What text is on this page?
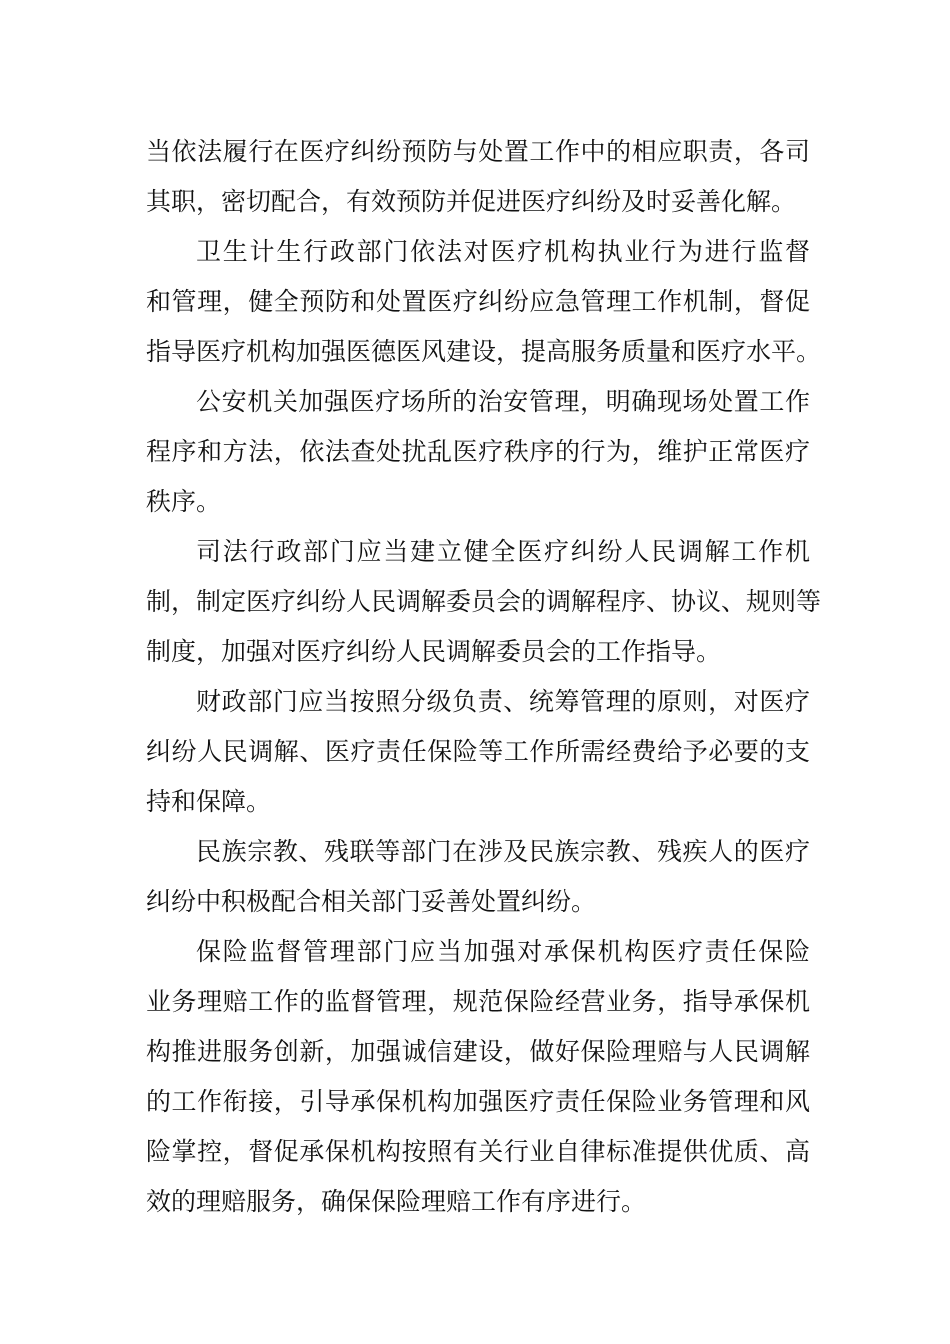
当依法履行在医疗纠纷预防与处置工作中的相应职责，各司
其职，密切配合，有效预防并促进医疗纠纷及时妥善化解。
卫生计生行政部门依法对医疗机构执业行为进行监督
和管理，健全预防和处置医疗纠纷应急管理工作机制，督促
指导医疗机构加强医德医风建设，提高服务质量和医疗水平。
公安机关加强医疗场所的治安管理，明确现场处置工作
程序和方法，依法查处扰乱医疗秩序的行为，维护正常医疗
秩序。
司法行政部门应当建立健全医疗纠纷人民调解工作机
制，制定医疗纠纷人民调解委员会的调解程序、协议、规则等
制度，加强对医疗纠纷人民调解委员会的工作指导。
财政部门应当按照分级负责、统筹管理的原则，对医疗
纠纷人民调解、医疗责任保险等工作所需经费给予必要的支
持和保障。
民族宗教、残联等部门在涉及民族宗教、残疾人的医疗
纠纷中积极配合相关部门妥善处置纠纷。
保险监督管理部门应当加强对承保机构医疗责任保险
业务理赔工作的监督管理，规范保险经营业务，指导承保机
构推进服务创新，加强诚信建设，做好保险理赔与人民调解
的工作衔接，引导承保机构加强医疗责任保险业务管理和风
险掌控，督促承保机构按照有关行业自律标准提供优质、高
效的理赔服务，确保保险理赔工作有序进行。
